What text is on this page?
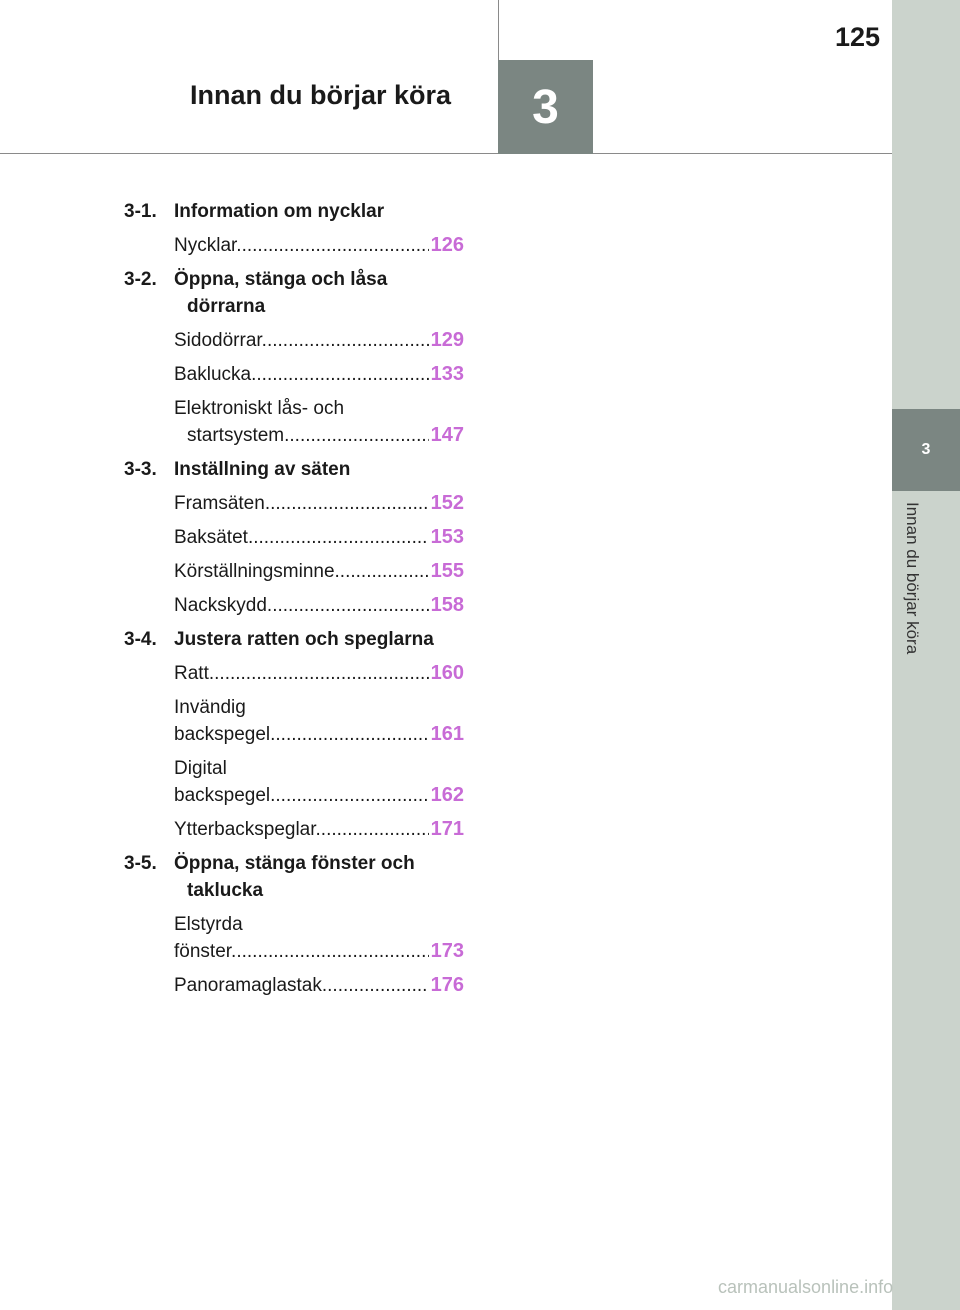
125
Innan du börjar köra	3
3
Innan du börjar köra
3-1. Information om nycklar
Nycklar .....	126
3-2. Öppna, stänga och låsa dörrarna
Sidodörrar .....	129
Baklucka .....	133
Elektroniskt lås- och startsystem .....	147
3-3. Inställning av säten
Framsäten .....	152
Baksätet .....	153
Körställningsminne .....	155
Nackskydd .....	158
3-4. Justera ratten och speglarna
Ratt .....	160
Invändig backspegel .....	161
Digital backspegel .....	162
Ytterbackspeglar .....	171
3-5. Öppna, stänga fönster och taklucka
Elstyrda fönster .....	173
Panoramaglastak .....	176
carmanualsonline.info
